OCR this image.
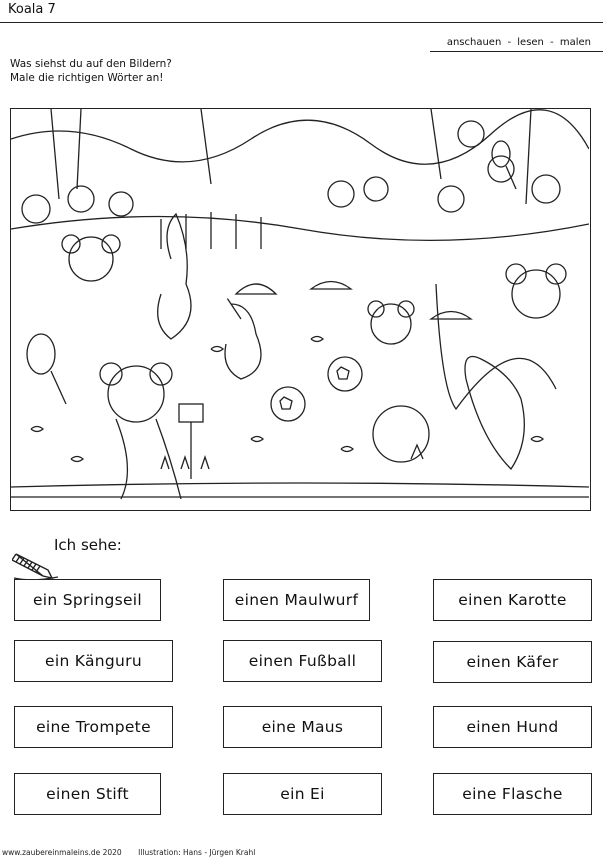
Koala 7
anschauen - lesen - malen
Was siehst du auf den Bildern?
Male die richtigen Wörter an!
Ich sehe:
ein Springseil	einen Maulwurf	einen Karotte
ein Känguru	einen Fußball	einen Käfer
eine Trompete	eine Maus	einen Hund
einen Stift	ein Ei	eine Flasche
www.zaubereinmaleins.de 2020 Illustration: Hans - Jürgen Krahl
